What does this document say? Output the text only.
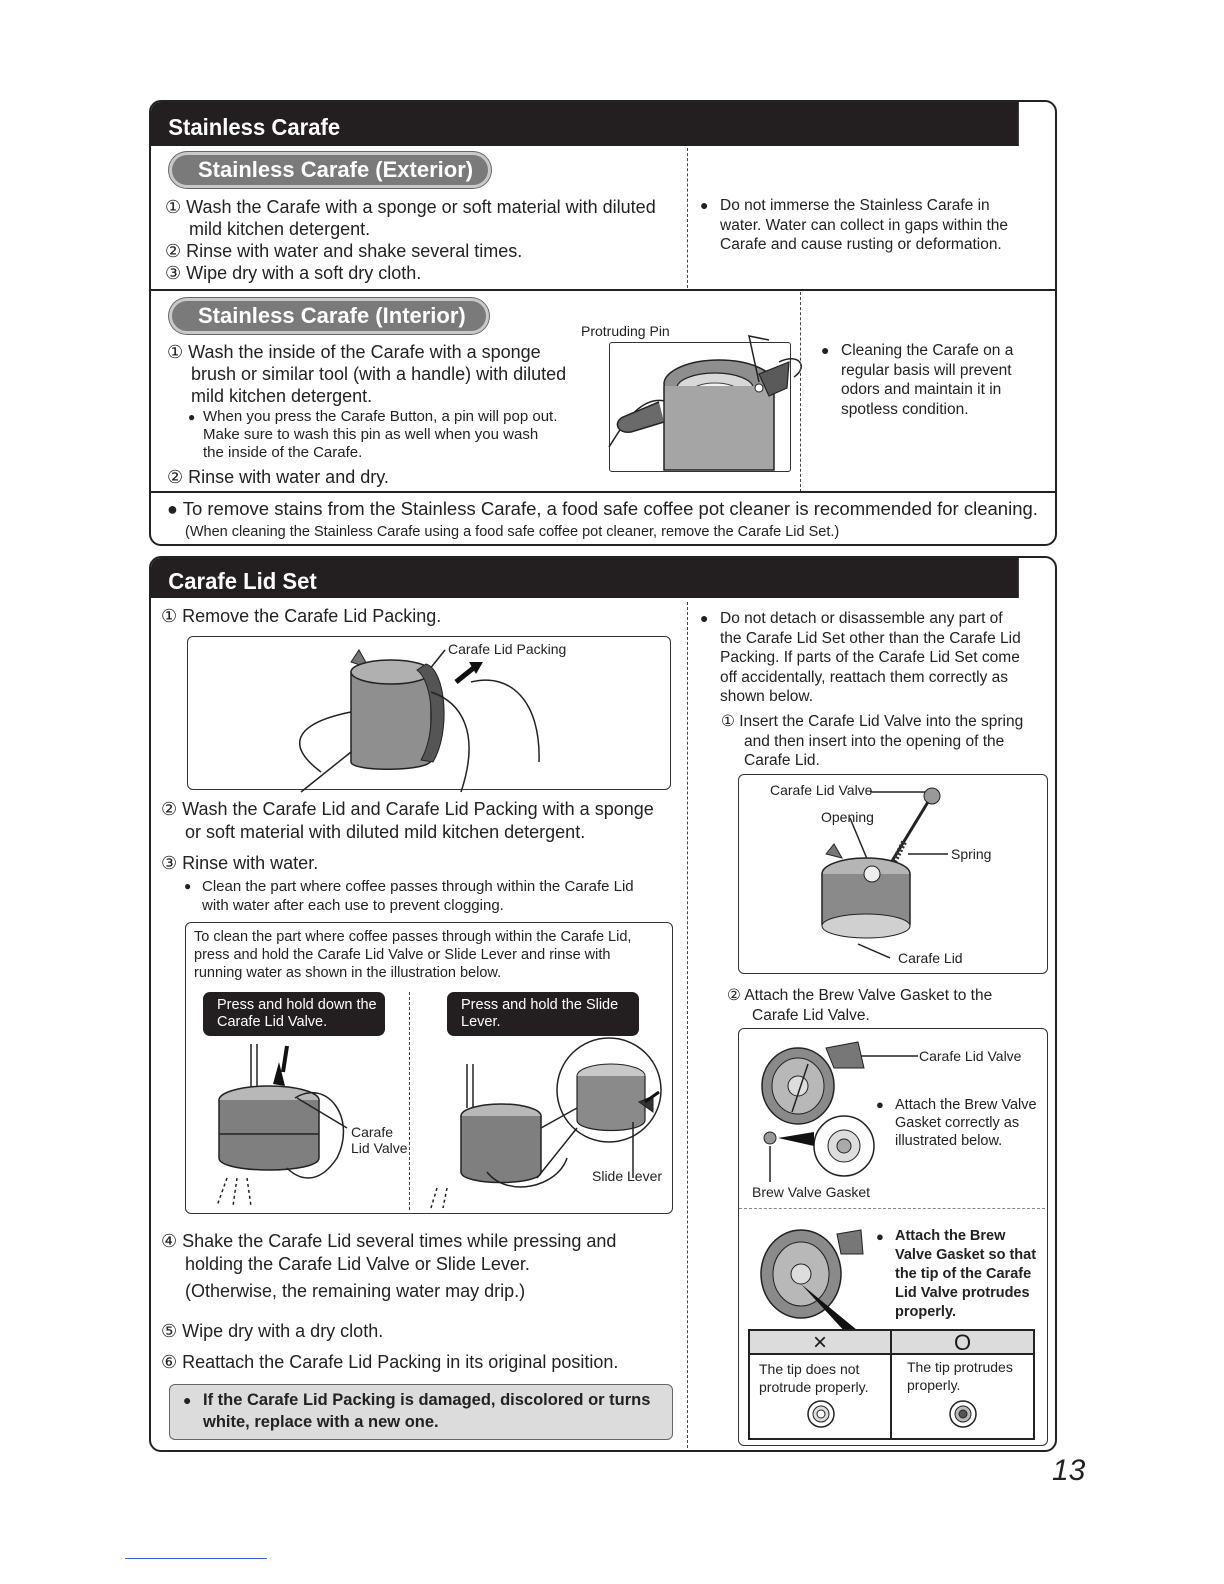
Stainless Carafe
Stainless Carafe (Exterior)
① Wash the Carafe with a sponge or soft material with diluted
mild kitchen detergent.
② Rinse with water and shake several times.
③ Wipe dry with a soft dry cloth.
● Do not immerse the Stainless Carafe in
water. Water can collect in gaps within the
Carafe and cause rusting or deformation.
Stainless Carafe (Interior)
① Wash the inside of the Carafe with a sponge
brush or similar tool (with a handle) with diluted
mild kitchen detergent.
● When you press the Carafe Button, a pin will pop out.
Make sure to wash this pin as well when you wash
the inside of the Carafe.
② Rinse with water and dry.
Protruding Pin
● Cleaning the Carafe on a
regular basis will prevent
odors and maintain it in
spotless condition.
● To remove stains from the Stainless Carafe, a food safe coffee pot cleaner is recommended for cleaning.
(When cleaning the Stainless Carafe using a food safe coffee pot cleaner, remove the Carafe Lid Set.)
Carafe Lid Set
① Remove the Carafe Lid Packing.
Carafe Lid Packing
② Wash the Carafe Lid and Carafe Lid Packing with a sponge
or soft material with diluted mild kitchen detergent.
③ Rinse with water.
● Clean the part where coffee passes through within the Carafe Lid
with water after each use to prevent clogging.
To clean the part where coffee passes through within the Carafe Lid,
press and hold the Carafe Lid Valve or Slide Lever and rinse with
running water as shown in the illustration below.
Press and hold down the
Carafe Lid Valve.
Press and hold the Slide
Lever.
Carafe
Lid Valve
Slide Lever
④ Shake the Carafe Lid several times while pressing and
holding the Carafe Lid Valve or Slide Lever.
(Otherwise, the remaining water may drip.)
⑤ Wipe dry with a dry cloth.
⑥ Reattach the Carafe Lid Packing in its original position.
● If the Carafe Lid Packing is damaged, discolored or turns
white, replace with a new one.
● Do not detach or disassemble any part of
the Carafe Lid Set other than the Carafe Lid
Packing. If parts of the Carafe Lid Set come
off accidentally, reattach them correctly as
shown below.
① Insert the Carafe Lid Valve into the spring
and then insert into the opening of the
Carafe Lid.
Carafe Lid Valve
Opening
Spring
Carafe Lid
② Attach the Brew Valve Gasket to the
Carafe Lid Valve.
Carafe Lid Valve
● Attach the Brew Valve
Gasket correctly as
illustrated below.
Brew Valve Gasket
● Attach the Brew
Valve Gasket so that
the tip of the Carafe
Lid Valve protrudes
properly.
×	O
The tip does not
protrude properly.
The tip protrudes
properly.
13
